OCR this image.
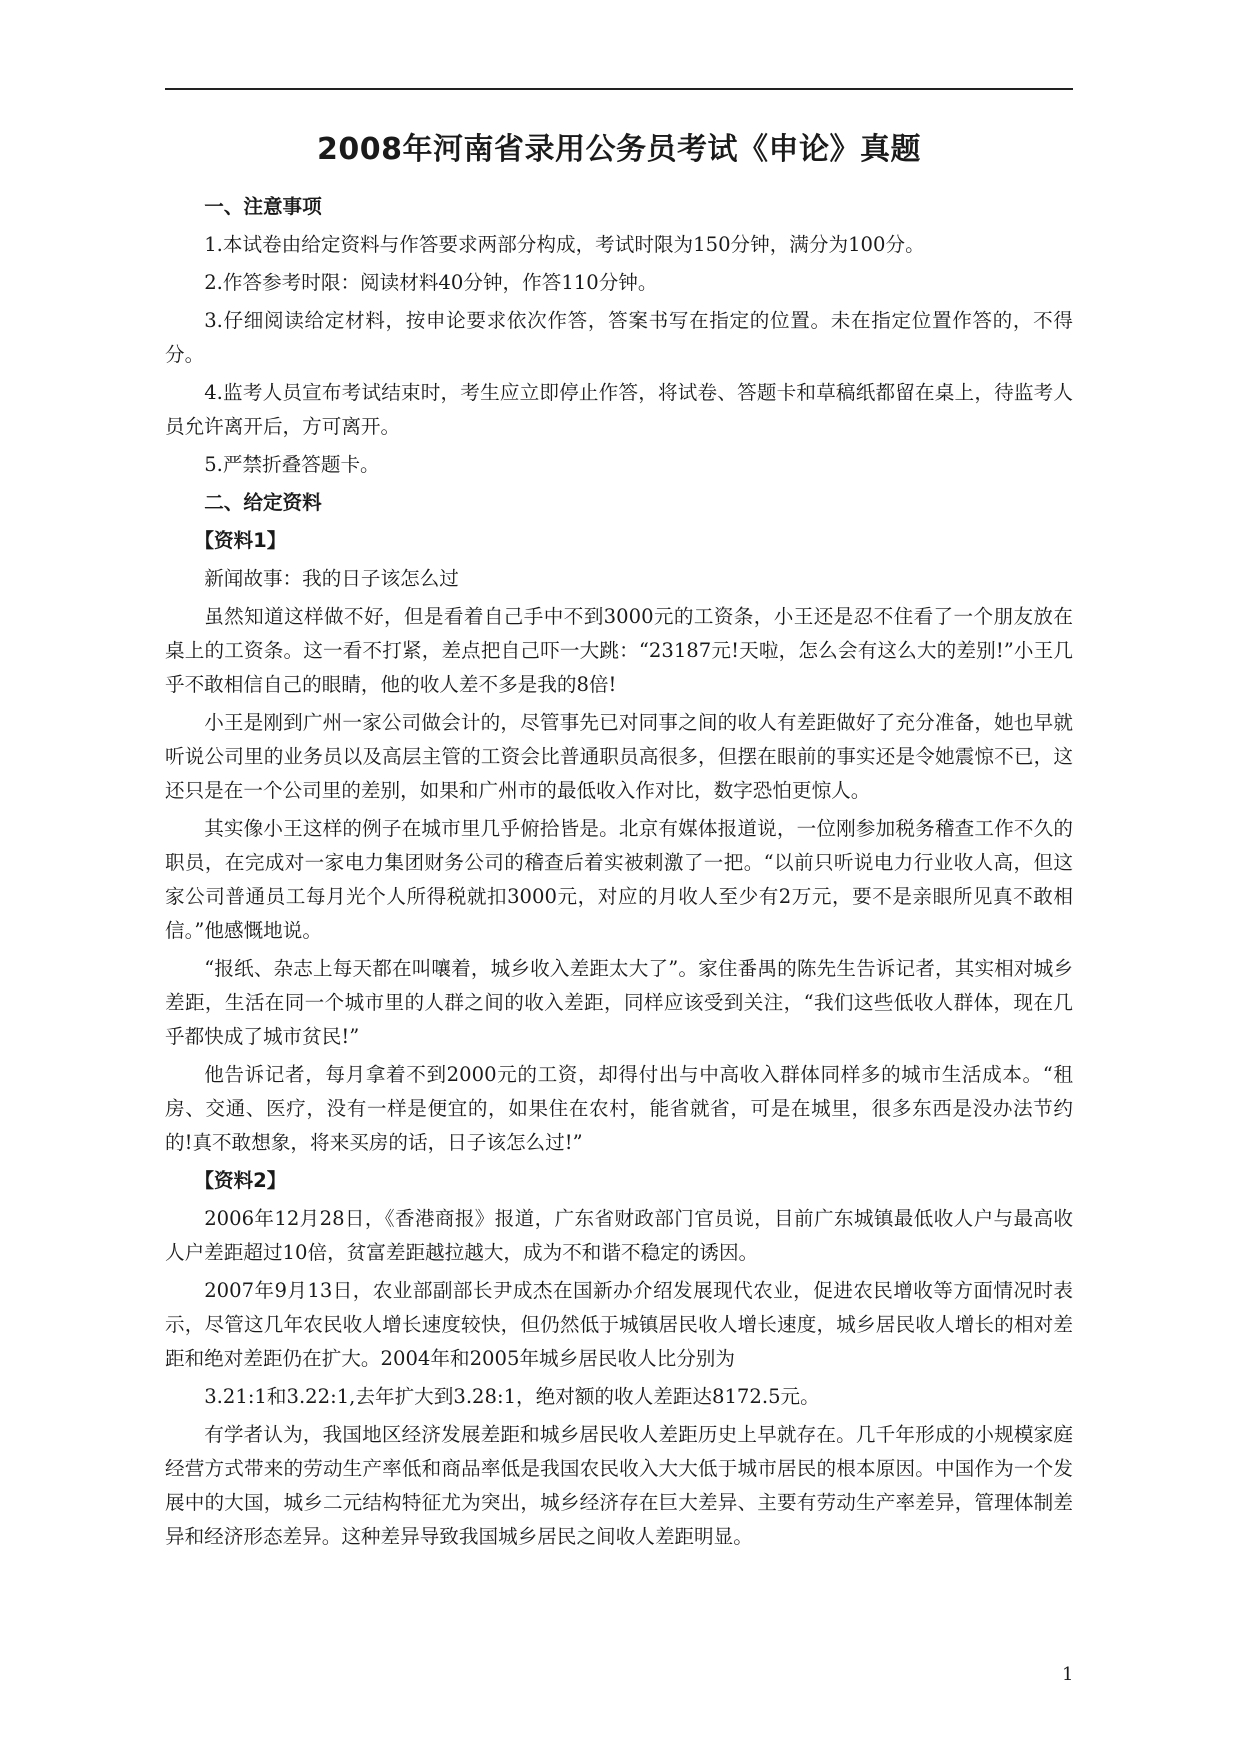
2008年河南省录用公务员考试《申论》真题
一、注意事项

1.本试卷由给定资料与作答要求两部分构成，考试时限为150分钟，满分为100分。

2.作答参考时限：阅读材料40分钟，作答110分钟。

3.仔细阅读给定材料，按申论要求依次作答，答案书写在指定的位置。未在指定位置作答的，不得分。

4.监考人员宣布考试结束时，考生应立即停止作答，将试卷、答题卡和草稿纸都留在桌上，待监考人员允许离开后，方可离开。

5.严禁折叠答题卡。

二、给定资料
【资料1】

新闻故事：我的日子该怎么过

虽然知道这样做不好，但是看着自己手中不到3000元的工资条，小王还是忍不住看了一个朋友放在桌上的工资条。这一看不打紧，差点把自己吓一大跳：“23187元!天啦，怎么会有这么大的差别!”小王几乎不敢相信自己的眼睛，他的收人差不多是我的8倍!

小王是刚到广州一家公司做会计的，尽管事先已对同事之间的收人有差距做好了充分准备，她也早就听说公司里的业务员以及高层主管的工资会比普通职员高很多，但摆在眼前的事实还是令她震惊不已，这还只是在一个公司里的差别，如果和广州市的最低收入作对比，数字恐怕更惊人。

其实像小王这样的例子在城市里几乎俯拾皆是。北京有媒体报道说，一位刚参加税务稽查工作不久的职员，在完成对一家电力集团财务公司的稽查后着实被刺激了一把。“以前只听说电力行业收人高，但这家公司普通员工每月光个人所得税就扣3000元，对应的月收人至少有2万元，要不是亲眼所见真不敢相信。”他感慨地说。

“报纸、杂志上每天都在叫嚷着，城乡收入差距太大了”。家住番禺的陈先生告诉记者，其实相对城乡差距，生活在同一个城市里的人群之间的收入差距，同样应该受到关注，“我们这些低收人群体，现在几乎都快成了城市贫民!”

他告诉记者，每月拿着不到2000元的工资，却得付出与中高收入群体同样多的城市生活成本。“租房、交通、医疗，没有一样是便宜的，如果住在农村，能省就省，可是在城里，很多东西是没办法节约的!真不敢想象，将来买房的话，日子该怎么过!”

【资料2】

2006年12月28日，《香港商报》报道，广东省财政部门官员说，目前广东城镇最低收人户与最高收人户差距超过10倍，贫富差距越拉越大，成为不和谐不稳定的诱因。

2007年9月13日，农业部副部长尹成杰在国新办介绍发展现代农业，促进农民增收等方面情况时表示，尽管这几年农民收人增长速度较快，但仍然低于城镇居民收人增长速度，城乡居民收人增长的相对差距和绝对差距仍在扩大。2004年和2005年城乡居民收人比分别为

3.21:1和3.22:1,去年扩大到3.28:1，绝对额的收人差距达8172.5元。

有学者认为，我国地区经济发展差距和城乡居民收人差距历史上早就存在。几千年形成的小规模家庭经营方式带来的劳动生产率低和商品率低是我国农民收入大大低于城市居民的根本原因。中国作为一个发展中的大国，城乡二元结构特征尤为突出，城乡经济存在巨大差异、主要有劳动生产率差异，管理体制差异和经济形态差异。这种差异导致我国城乡居民之间收人差距明显。

1
